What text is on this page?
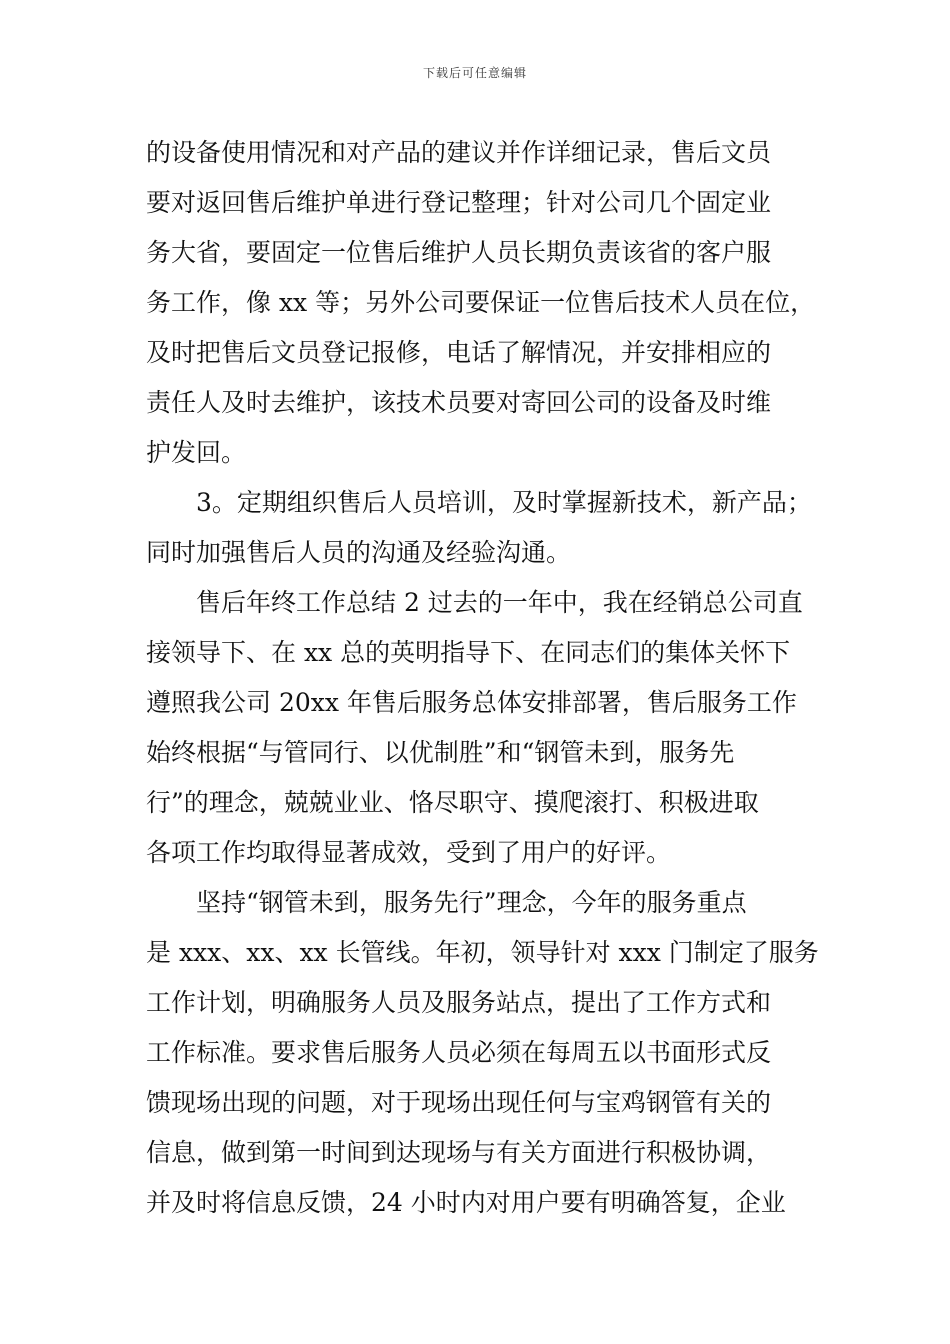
下载后可任意编辑
的设备使用情况和对产品的建议并作详细记录，售后文员
要对返回售后维护单进行登记整理；针对公司几个固定业
务大省，要固定一位售后维护人员长期负责该省的客户服
务工作，像 xx 等；另外公司要保证一位售后技术人员在位，
及时把售后文员登记报修，电话了解情况，并安排相应的
责任人及时去维护，该技术员要对寄回公司的设备及时维
护发回。
3。定期组织售后人员培训，及时掌握新技术，新产品；
同时加强售后人员的沟通及经验沟通。
售后年终工作总结 2 过去的一年中，我在经销总公司直
接领导下、在 xx 总的英明指导下、在同志们的集体关怀下
遵照我公司 20xx 年售后服务总体安排部署，售后服务工作
始终根据“与管同行、以优制胜”和“钢管未到，服务先
行”的理念，兢兢业业、恪尽职守、摸爬滚打、积极进取
各项工作均取得显著成效，受到了用户的好评。
坚持“钢管未到，服务先行”理念，今年的服务重点
是 xxx、xx、xx 长管线。年初，领导针对 xxx 门制定了服务
工作计划，明确服务人员及服务站点，提出了工作方式和
工作标准。要求售后服务人员必须在每周五以书面形式反
馈现场出现的问题，对于现场出现任何与宝鸡钢管有关的
信息，做到第一时间到达现场与有关方面进行积极协调，
并及时将信息反馈，24 小时内对用户要有明确答复，企业
